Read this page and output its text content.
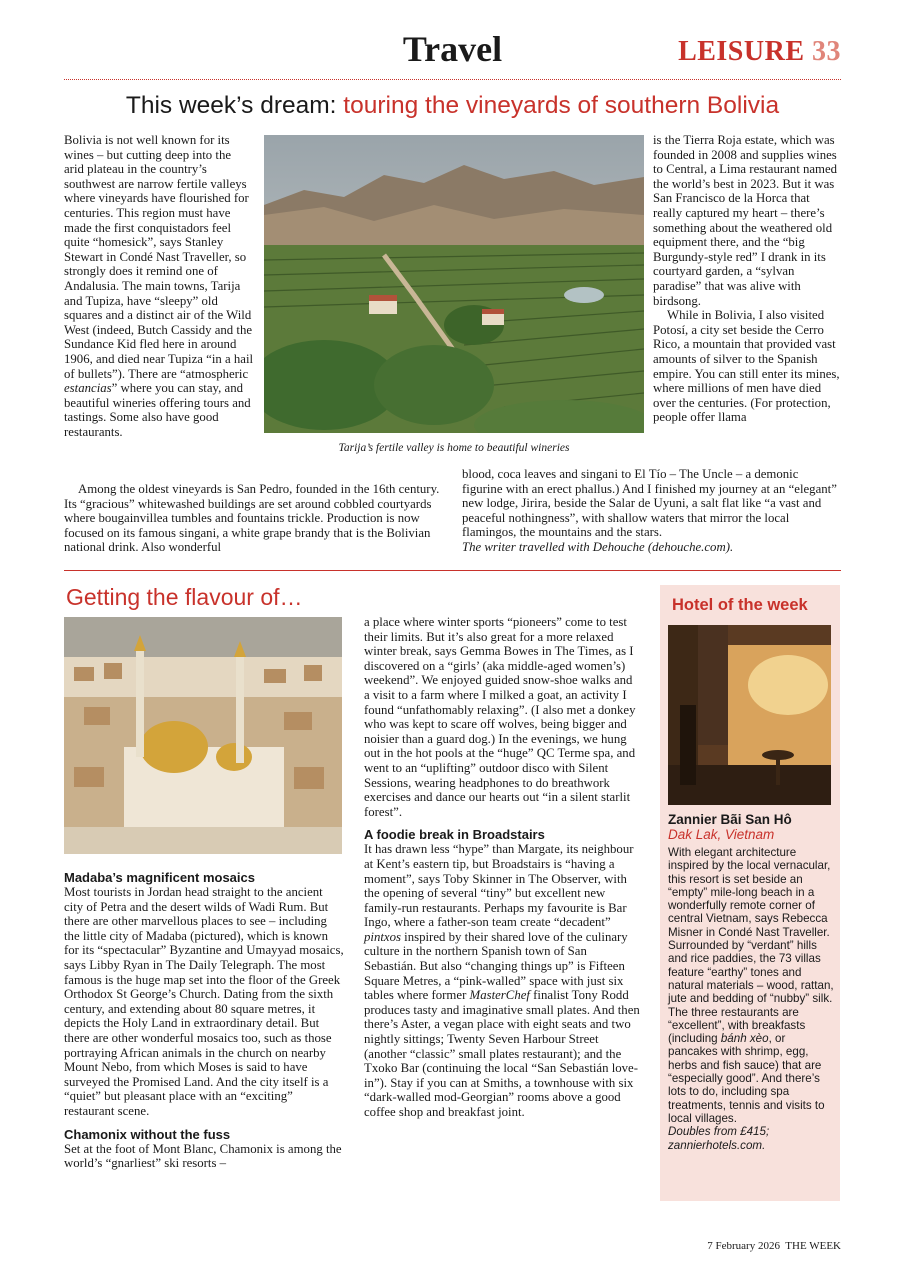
Travel	LEISURE 33
This week’s dream: touring the vineyards of southern Bolivia

Bolivia is not well known for its wines – but cutting deep into the arid plateau in the country’s southwest are narrow fertile valleys where vineyards have flourished for centuries. This region must have made the first conquistadors feel quite “homesick”, says Stanley Stewart in Condé Nast Traveller, so strongly does it remind one of Andalusia. The main towns, Tarija and Tupiza, have “sleepy” old squares and a distinct air of the Wild West (indeed, Butch Cassidy and the Sundance Kid fled here in around 1906, and died near Tupiza “in a hail of bullets”). There are “atmospheric estancias” where you can stay, and beautiful wineries offering tours and tastings. Some also have good restaurants.

Among the oldest vineyards is San Pedro, founded in the 16th century. Its “gracious” whitewashed buildings are set around cobbled courtyards where bougainvillea tumbles and fountains trickle. Production is now focused on its famous singani, a white grape brandy that is the Bolivian national drink. Also wonderful

Tarija’s fertile valley is home to beautiful wineries

is the Tierra Roja estate, which was founded in 2008 and supplies wines to Central, a Lima restaurant named the world’s best in 2023. But it was San Francisco de la Horca that really captured my heart – there’s something about the weathered old equipment there, and the “big Burgundy-style red” I drank in its courtyard garden, a “sylvan paradise” that was alive with birdsong.

While in Bolivia, I also visited Potosí, a city set beside the Cerro Rico, a mountain that provided vast amounts of silver to the Spanish empire. You can still enter its mines, where millions of men have died over the centuries. (For protection, people offer llama

blood, coca leaves and singani to El Tío – The Uncle – a demonic figurine with an erect phallus.) And I finished my journey at an “elegant” new lodge, Jirira, beside the Salar de Uyuni, a salt flat like “a vast and peaceful nothingness”, with shallow waters that mirror the local flamingos, the mountains and the stars.

The writer travelled with Dehouche (dehouche.com).

Getting the flavour of…
Madaba’s magnificent mosaics

Most tourists in Jordan head straight to the ancient city of Petra and the desert wilds of Wadi Rum. But there are other marvellous places to see – including the little city of Madaba (pictured), which is known for its “spectacular” Byzantine and Umayyad mosaics, says Libby Ryan in The Daily Telegraph. The most famous is the huge map set into the floor of the Greek Orthodox St George’s Church. Dating from the sixth century, and extending about 80 square metres, it depicts the Holy Land in extraordinary detail. But there are other wonderful mosaics too, such as those portraying African animals in the church on nearby Mount Nebo, from which Moses is said to have surveyed the Promised Land. And the city itself is a “quiet” but pleasant place with an “exciting” restaurant scene.

Chamonix without the fuss

Set at the foot of Mont Blanc, Chamonix is among the world’s “gnarliest” ski resorts –

a place where winter sports “pioneers” come to test their limits. But it’s also great for a more relaxed winter break, says Gemma Bowes in The Times, as I discovered on a “girls’ (aka middle-aged women’s) weekend”. We enjoyed guided snow-shoe walks and a visit to a farm where I milked a goat, an activity I found “unfathomably relaxing”. (I also met a donkey who was kept to scare off wolves, being bigger and noisier than a guard dog.) In the evenings, we hung out in the hot pools at the “huge” QC Terme spa, and went to an “uplifting” outdoor disco with Silent Sessions, wearing headphones to do breathwork exercises and dance our hearts out “in a silent starlit forest”.

A foodie break in Broadstairs

It has drawn less “hype” than Margate, its neighbour at Kent’s eastern tip, but Broadstairs is “having a moment”, says Toby Skinner in The Observer, with the opening of several “tiny” but excellent new family-run restaurants. Perhaps my favourite is Bar Ingo, where a father-son team create “decadent” pintxos inspired by their shared love of the culinary culture in the northern Spanish town of San Sebastián. But also “changing things up” is Fifteen Square Metres, a “pink-walled” space with just six tables where former MasterChef finalist Tony Rodd produces tasty and imaginative small plates. And then there’s Aster, a vegan place with eight seats and two nightly sittings; Twenty Seven Harbour Street (another “classic” small plates restaurant); and the Txoko Bar (continuing the local “San Sebastián love-in”). Stay if you can at Smiths, a townhouse with six “dark-walled mod-Georgian” rooms above a good coffee shop and breakfast joint.

Hotel of the week
Zannier Bãi San Hô
Dak Lak, Vietnam
With elegant architecture inspired by the local vernacular, this resort is set beside an “empty” mile-long beach in a wonderfully remote corner of central Vietnam, says Rebecca Misner in Condé Nast Traveller. Surrounded by “verdant” hills and rice paddies, the 73 villas feature “earthy” tones and natural materials – wood, rattan, jute and bedding of “nubby” silk. The three restaurants are “excellent”, with breakfasts (including bánh xèo, or pancakes with shrimp, egg, herbs and fish sauce) that are “especially good”. And there’s lots to do, including spa treatments, tennis and visits to local villages.
Doubles from £415; zannierhotels.com.
7 February 2026 THE WEEK
